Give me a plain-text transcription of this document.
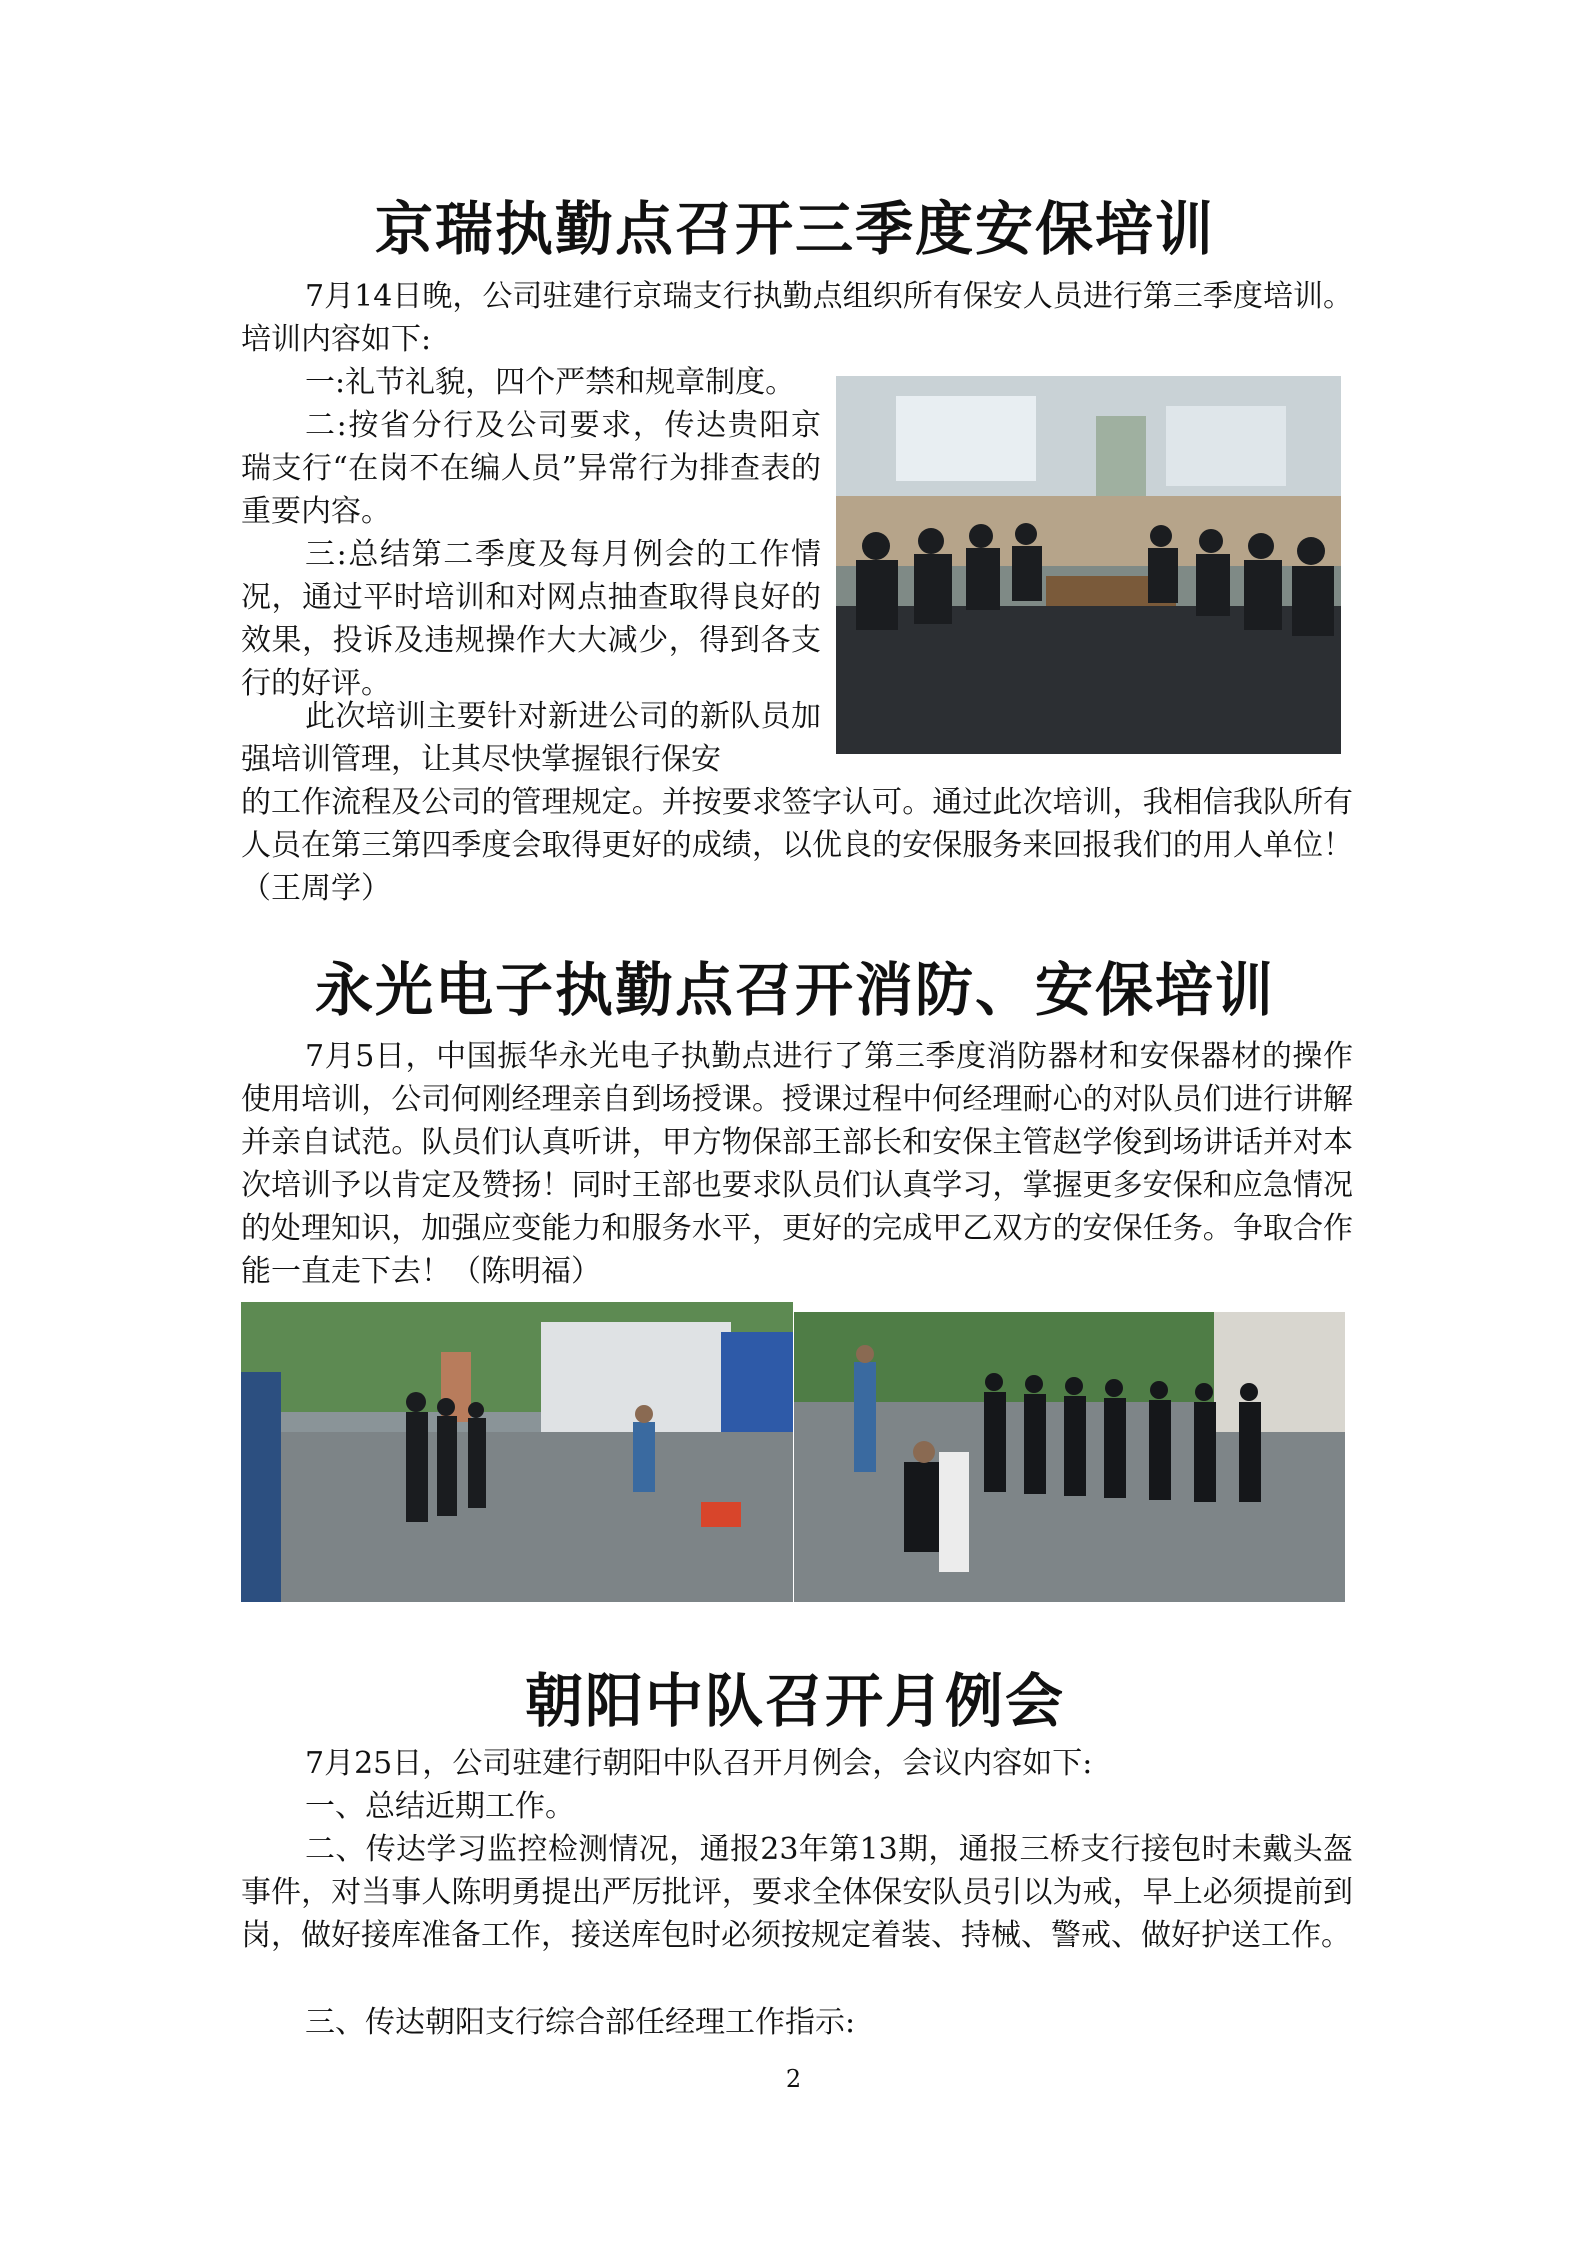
京瑞执勤点召开三季度安保培训

7月14日晚，公司驻建行京瑞支行执勤点组织所有保安人员进行第三季度培训。培训内容如下:

一:礼节礼貌，四个严禁和规章制度。

二:按省分行及公司要求，传达贵阳京瑞支行“在岗不在编人员”异常行为排查表的重要内容。

三:总结第二季度及每月例会的工作情况，通过平时培训和对网点抽查取得良好的效果，投诉及违规操作大大减少，得到各支行的好评。

此次培训主要针对新进公司的新队员加强培训管理，让其尽快掌握银行保安

的工作流程及公司的管理规定。并按要求签字认可。通过此次培训，我相信我队所有人员在第三第四季度会取得更好的成绩，以优良的安保服务来回报我们的用人单位！（王周学）

永光电子执勤点召开消防、安保培训

7月5日，中国振华永光电子执勤点进行了第三季度消防器材和安保器材的操作使用培训，公司何刚经理亲自到场授课。授课过程中何经理耐心的对队员们进行讲解并亲自试范。队员们认真听讲，甲方物保部王部长和安保主管赵学俊到场讲话并对本次培训予以肯定及赞扬！同时王部也要求队员们认真学习，掌握更多安保和应急情况的处理知识，加强应变能力和服务水平，更好的完成甲乙双方的安保任务。争取合作能一直走下去！（陈明福）

朝阳中队召开月例会

7月25日，公司驻建行朝阳中队召开月例会，会议内容如下:

一、总结近期工作。

二、传达学习监控检测情况，通报23年第13期，通报三桥支行接包时未戴头盔事件，对当事人陈明勇提出严厉批评，要求全体保安队员引以为戒，早上必须提前到岗，做好接库准备工作，接送库包时必须按规定着装、持械、警戒、做好护送工作。

三、传达朝阳支行综合部任经理工作指示:

2
